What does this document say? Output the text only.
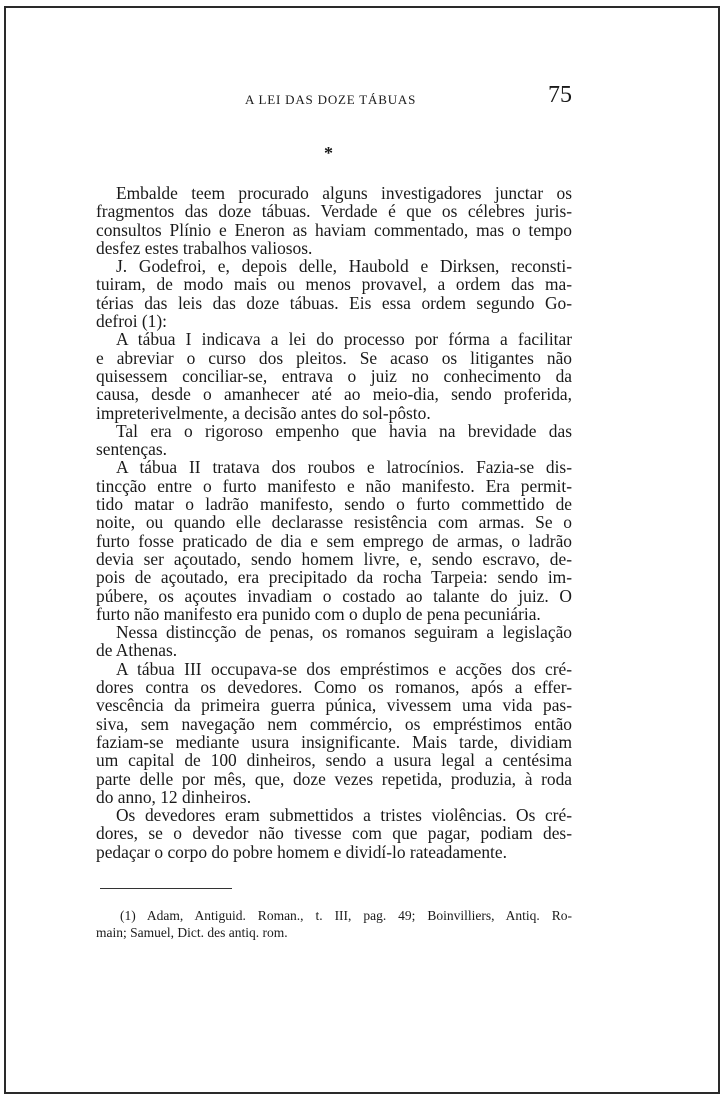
A LEI DAS DOZE TÁBUAS	75
*
Embalde teem procurado alguns investigadores junctar os
fragmentos das doze tábuas. Verdade é que os célebres juris-
consultos Plínio e Eneron as haviam commentado, mas o tempo
desfez estes trabalhos valiosos.
J. Godefroi, e, depois delle, Haubold e Dirksen, reconsti-
tuiram, de modo mais ou menos provavel, a ordem das ma-
térias das leis das doze tábuas. Eis essa ordem segundo Go-
defroi (1):
A tábua I indicava a lei do processo por fórma a facilitar
e abreviar o curso dos pleitos. Se acaso os litigantes não
quisessem conciliar-se, entrava o juiz no conhecimento da
causa, desde o amanhecer até ao meio-dia, sendo proferida,
impreterivelmente, a decisão antes do sol-pôsto.
Tal era o rigoroso empenho que havia na brevidade das
sentenças.
A tábua II tratava dos roubos e latrocínios. Fazia-se dis-
tincção entre o furto manifesto e não manifesto. Era permit-
tido matar o ladrão manifesto, sendo o furto commettido de
noite, ou quando elle declarasse resistência com armas. Se o
furto fosse praticado de dia e sem emprego de armas, o ladrão
devia ser açoutado, sendo homem livre, e, sendo escravo, de-
pois de açoutado, era precipitado da rocha Tarpeia: sendo im-
púbere, os açoutes invadiam o costado ao talante do juiz. O
furto não manifesto era punido com o duplo de pena pecuniária.
Nessa distincção de penas, os romanos seguiram a legislação
de Athenas.
A tábua III occupava-se dos empréstimos e acções dos cré-
dores contra os devedores. Como os romanos, após a effer-
vescência da primeira guerra púnica, vivessem uma vida pas-
siva, sem navegação nem commércio, os empréstimos então
faziam-se mediante usura insignificante. Mais tarde, dividiam
um capital de 100 dinheiros, sendo a usura legal a centésima
parte delle por mês, que, doze vezes repetida, produzia, à roda
do anno, 12 dinheiros.
Os devedores eram submettidos a tristes violências. Os cré-
dores, se o devedor não tivesse com que pagar, podiam des-
pedaçar o corpo do pobre homem e dividí-lo rateadamente.
(1) Adam, Antiguid. Roman., t. III, pag. 49; Boinvilliers, Antiq. Ro-
main; Samuel, Dict. des antiq. rom.
